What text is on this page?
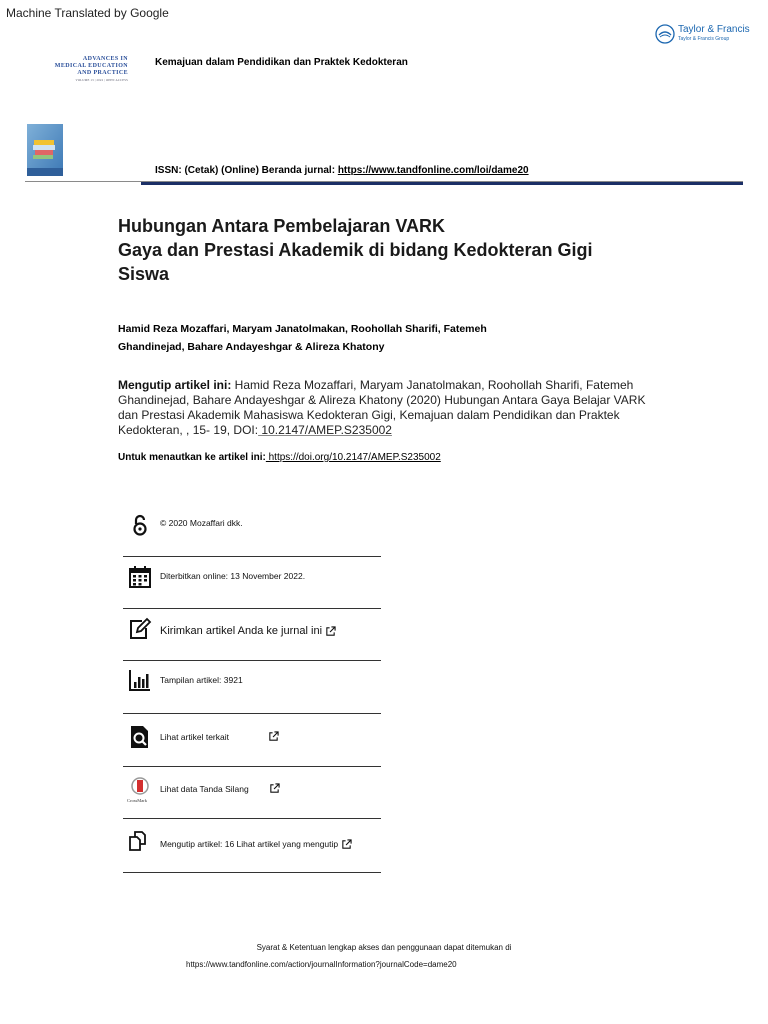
Machine Translated by Google
Taylor & Francis
Taylor & Francis Group
ADVANCES IN
MEDICAL EDUCATION
AND PRACTICE
VOLUME 13 | 2022 | OPEN ACCESS
Kemajuan dalam Pendidikan dan Praktek Kedokteran
ISSN: (Cetak) (Online) Beranda jurnal: https://www.tandfonline.com/loi/dame20
Hubungan Antara Pembelajaran VARK
Gaya dan Prestasi Akademik di bidang Kedokteran Gigi
Siswa
Hamid Reza Mozaffari, Maryam Janatolmakan, Roohollah Sharifi, Fatemeh
Ghandinejad, Bahare Andayeshgar & Alireza Khatony
Mengutip artikel ini: Hamid Reza Mozaffari, Maryam Janatolmakan, Roohollah Sharifi, Fatemeh Ghandinejad, Bahare Andayeshgar & Alireza Khatony (2020) Hubungan Antara Gaya Belajar VARK dan Prestasi Akademik Mahasiswa Kedokteran Gigi, Kemajuan dalam Pendidikan dan Praktek Kedokteran, , 15- 19, DOI: 10.2147/AMEP.S235002
Untuk menautkan ke artikel ini: https://doi.org/10.2147/AMEP.S235002
© 2020 Mozaffari dkk.
Diterbitkan online: 13 November 2022.
Kirimkan artikel Anda ke jurnal ini
Tampilan artikel: 3921
Lihat artikel terkait
CrossMark
Lihat data Tanda Silang
Mengutip artikel: 16 Lihat artikel yang mengutip
Syarat & Ketentuan lengkap akses dan penggunaan dapat ditemukan di
https://www.tandfonline.com/action/journalInformation?journalCode=dame20
